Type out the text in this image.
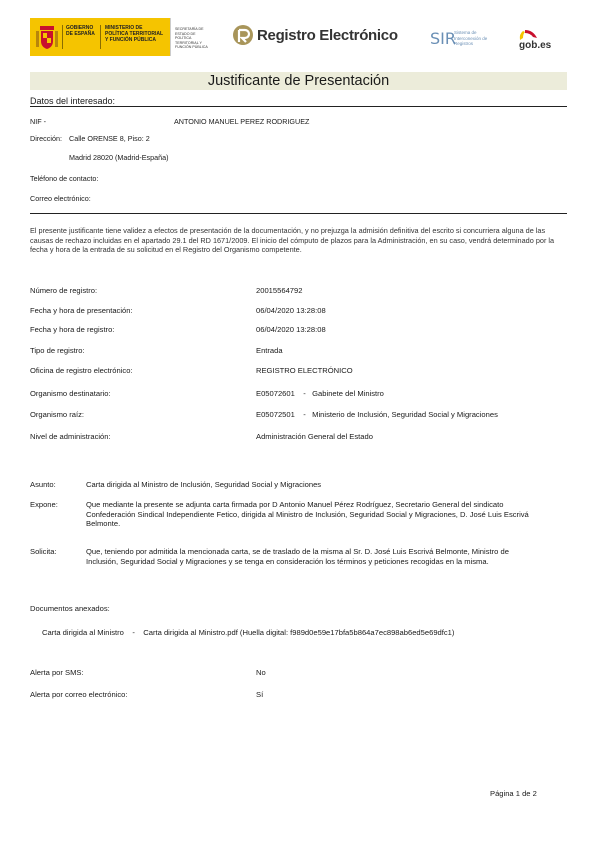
GOBIERNO DE ESPAÑA
MINISTERIO DE POLÍTICA TERRITORIAL Y FUNCIÓN PÚBLICA
SECRETARÍA DE ESTADO DE POLÍTICA TERRITORIAL Y FUNCIÓN PÚBLICA
Registro Electrónico SIR
Sistema de Interconexión de Registros	gob.es
Justificante de Presentación
Datos del interesado:
NIF -	ANTONIO MANUEL PEREZ RODRIGUEZ
Dirección: Calle ORENSE 8, Piso: 2
Madrid 28020 (Madrid-España)
Teléfono de contacto:
Correo electrónico:
El presente justificante tiene validez a efectos de presentación de la documentación, y no prejuzga la admisión definitiva del escrito si concurriera alguna de las causas de rechazo incluidas en el apartado 29.1 del RD 1671/2009. El inicio del cómputo de plazos para la Administración, en su caso, vendrá determinado por la fecha y hora de la entrada de su solicitud en el Registro del Organismo competente.
Número de registro:	20015564792
Fecha y hora de presentación:	06/04/2020 13:28:08
Fecha y hora de registro:	06/04/2020 13:28:08
Tipo de registro:	Entrada
Oficina de registro electrónico:	REGISTRO ELECTRÓNICO
Organismo destinatario:	E05072601    -   Gabinete del Ministro
Organismo raíz:	E05072501    -   Ministerio de Inclusión, Seguridad Social y Migraciones
Nivel de administración:	Administración General del Estado
Asunto:	Carta dirigida al Ministro de Inclusión, Seguridad Social y Migraciones
Expone:	Que mediante la presente se adjunta carta firmada por D Antonio Manuel Pérez Rodríguez, Secretario General del sindicato
Confederación Sindical Independiente Fetico, dirigida al Ministro de Inclusión, Seguridad Social y Migraciones, D. José Luis Escrivá
Belmonte.
Solicita:	Que, teniendo por admitida la mencionada carta, se de traslado de la misma al Sr. D. José Luis Escrivá Belmonte, Ministro de
Inclusión, Seguridad Social y Migraciones y se tenga en consideración los términos y peticiones recogidas en la misma.
Documentos anexados:
Carta dirigida al Ministro    -    Carta dirigida al Ministro.pdf (Huella digital: f989d0e59e17bfa5b864a7ec898ab6ed5e69dfc1)
Alerta por SMS:	No
Alerta por correo electrónico:	Sí
Página 1 de 2
